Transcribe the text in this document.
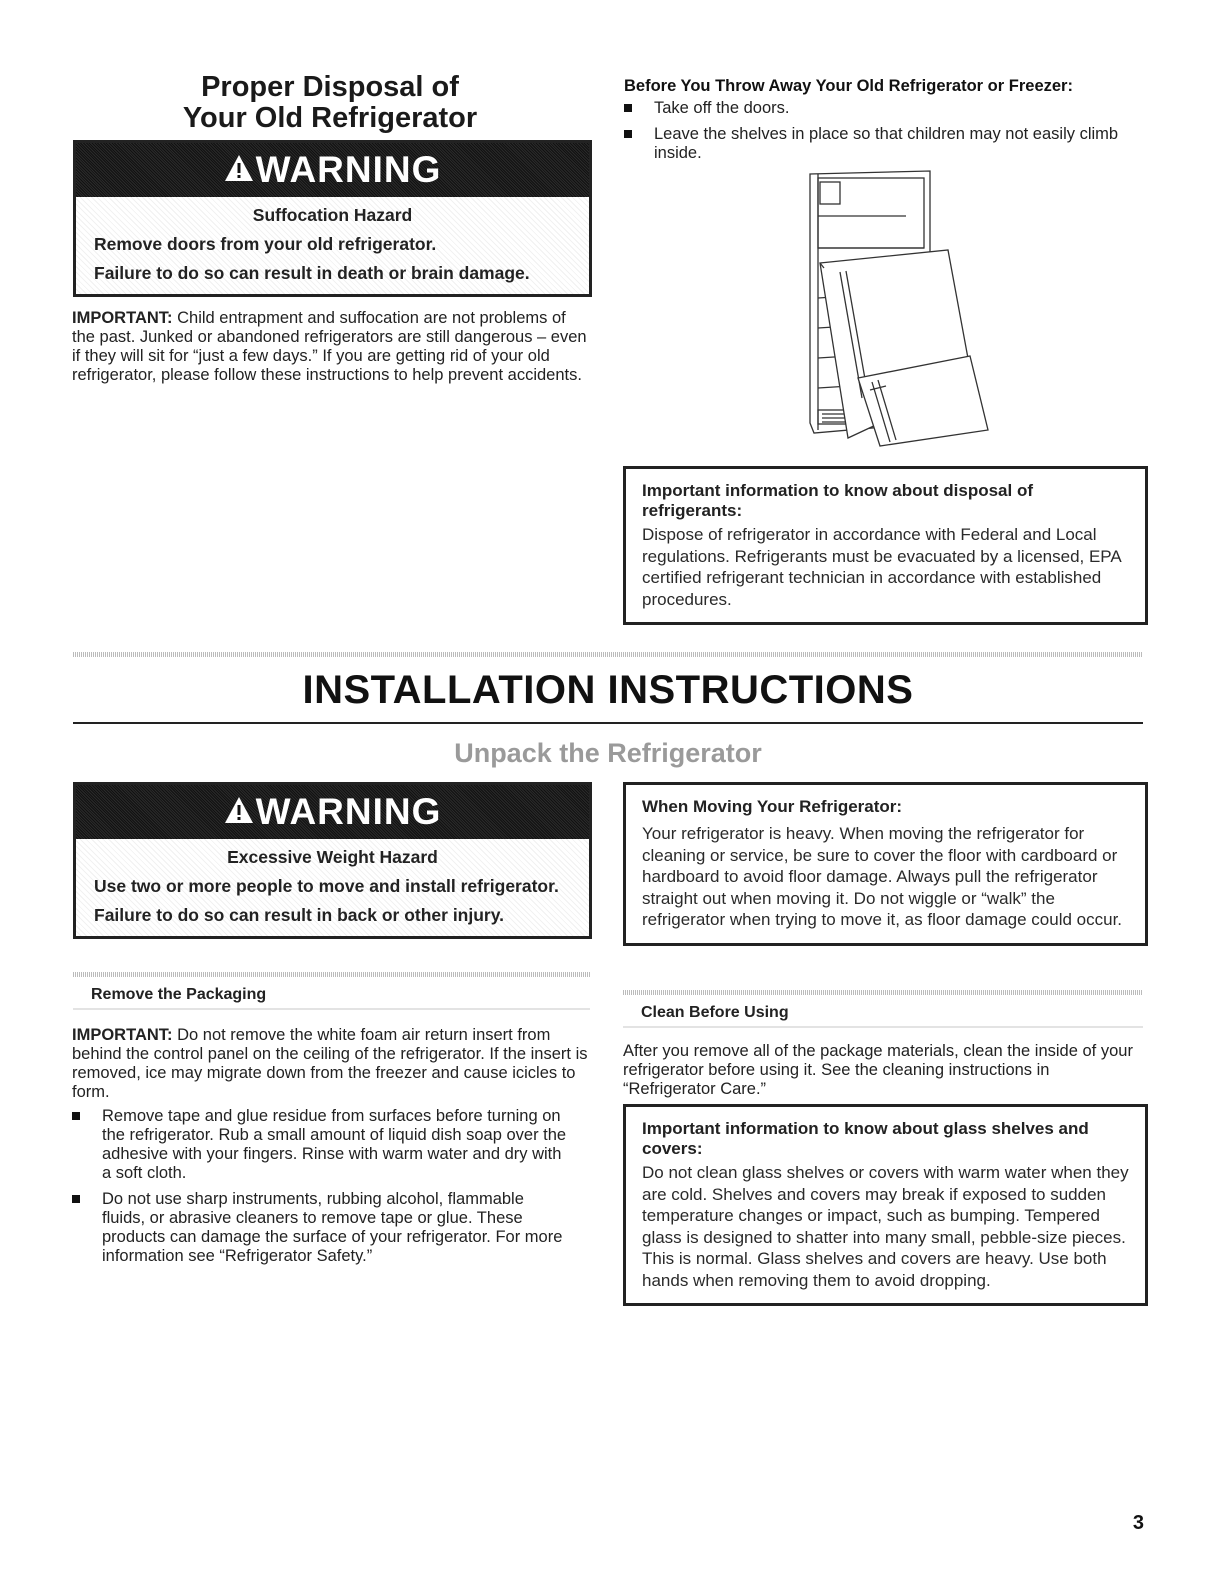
Proper Disposal of

Your Old Refrigerator

WARNING

Suffocation Hazard

Remove doors from your old refrigerator.

Failure to do so can result in death or brain damage.

IMPORTANT: Child entrapment and suffocation are not problems of the past. Junked or abandoned refrigerators are still dangerous – even if they will sit for “just a few days.” If you are getting rid of your old refrigerator, please follow these instructions to help prevent accidents.

Before You Throw Away Your Old Refrigerator or Freezer:

Take off the doors.
Leave the shelves in place so that children may not easily climb inside.

Important information to know about disposal of refrigerants:

Dispose of refrigerator in accordance with Federal and Local regulations. Refrigerants must be evacuated by a licensed, EPA certified refrigerant technician in accordance with established procedures.

INSTALLATION INSTRUCTIONS

Unpack the Refrigerator

WARNING

Excessive Weight Hazard

Use two or more people to move and install refrigerator.

Failure to do so can result in back or other injury.

Remove the Packaging

IMPORTANT: Do not remove the white foam air return insert from behind the control panel on the ceiling of the refrigerator. If the insert is removed, ice may migrate down from the freezer and cause icicles to form.

Remove tape and glue residue from surfaces before turning on the refrigerator. Rub a small amount of liquid dish soap over the adhesive with your fingers. Rinse with warm water and dry with a soft cloth.
Do not use sharp instruments, rubbing alcohol, flammable fluids, or abrasive cleaners to remove tape or glue. These products can damage the surface of your refrigerator. For more information see “Refrigerator Safety.”

When Moving Your Refrigerator:

Your refrigerator is heavy. When moving the refrigerator for cleaning or service, be sure to cover the floor with cardboard or hardboard to avoid floor damage. Always pull the refrigerator straight out when moving it. Do not wiggle or “walk” the refrigerator when trying to move it, as floor damage could occur.

Clean Before Using

After you remove all of the package materials, clean the inside of your refrigerator before using it. See the cleaning instructions in “Refrigerator Care.”

Important information to know about glass shelves and covers:

Do not clean glass shelves or covers with warm water when they are cold. Shelves and covers may break if exposed to sudden temperature changes or impact, such as bumping. Tempered glass is designed to shatter into many small, pebble-size pieces. This is normal. Glass shelves and covers are heavy. Use both hands when removing them to avoid dropping.

3
